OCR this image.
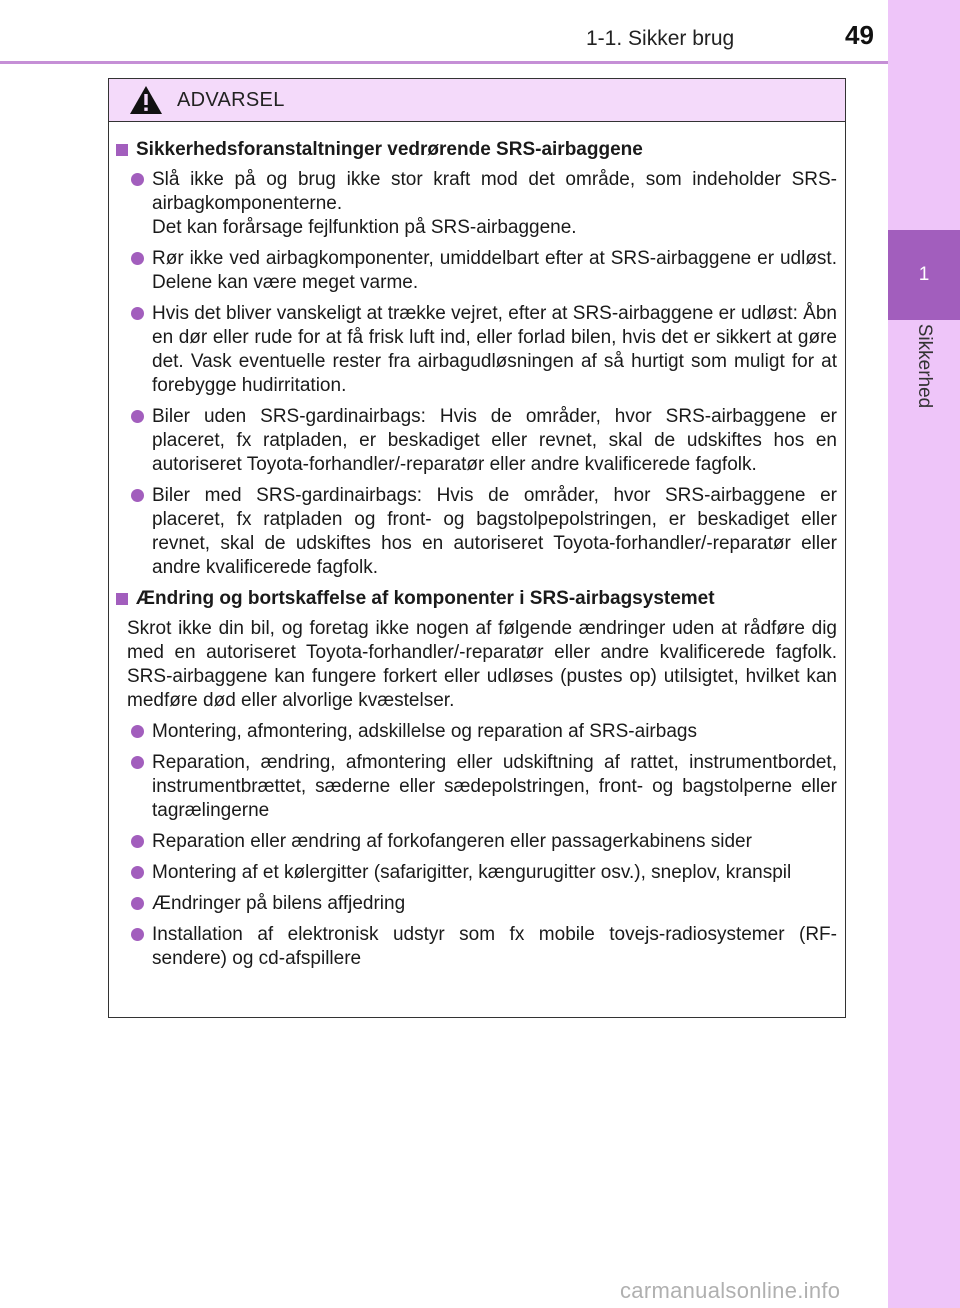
1-1. Sikker brug	49
1
Sikkerhed
ADVARSEL
Sikkerhedsforanstaltninger vedrørende SRS-airbaggene
Slå ikke på og brug ikke stor kraft mod det område, som indeholder SRS-airbagkomponenterne.
Det kan forårsage fejlfunktion på SRS-airbaggene.
Rør ikke ved airbagkomponenter, umiddelbart efter at SRS-airbaggene er udløst. Delene kan være meget varme.
Hvis det bliver vanskeligt at trække vejret, efter at SRS-airbaggene er udløst: Åbn en dør eller rude for at få frisk luft ind, eller forlad bilen, hvis det er sikkert at gøre det. Vask eventuelle rester fra airbagudløsningen af så hurtigt som muligt for at forebygge hudirritation.
Biler uden SRS-gardinairbags: Hvis de områder, hvor SRS-airbaggene er placeret, fx ratpladen, er beskadiget eller revnet, skal de udskiftes hos en autoriseret Toyota-forhandler/-reparatør eller andre kvalificerede fagfolk.
Biler med SRS-gardinairbags: Hvis de områder, hvor SRS-airbaggene er placeret, fx ratpladen og front- og bagstolpepolstringen, er beskadiget eller revnet, skal de udskiftes hos en autoriseret Toyota-forhandler/-reparatør eller andre kvalificerede fagfolk.
Ændring og bortskaffelse af komponenter i SRS-airbagsystemet
Skrot ikke din bil, og foretag ikke nogen af følgende ændringer uden at rådføre dig med en autoriseret Toyota-forhandler/-reparatør eller andre kvalificerede fagfolk. SRS-airbaggene kan fungere forkert eller udløses (pustes op) utilsigtet, hvilket kan medføre død eller alvorlige kvæstelser.
Montering, afmontering, adskillelse og reparation af SRS-airbags
Reparation, ændring, afmontering eller udskiftning af rattet, instrumentbordet, instrumentbrættet, sæderne eller sædepolstringen, front- og bagstolperne eller tagrælingerne
Reparation eller ændring af forkofangeren eller passagerkabinens sider
Montering af et kølergitter (safarigitter, kængurugitter osv.), sneplov, kranspil
Ændringer på bilens affjedring
Installation af elektronisk udstyr som fx mobile tovejs-radiosystemer (RF-sendere) og cd-afspillere
carmanualsonline.info
